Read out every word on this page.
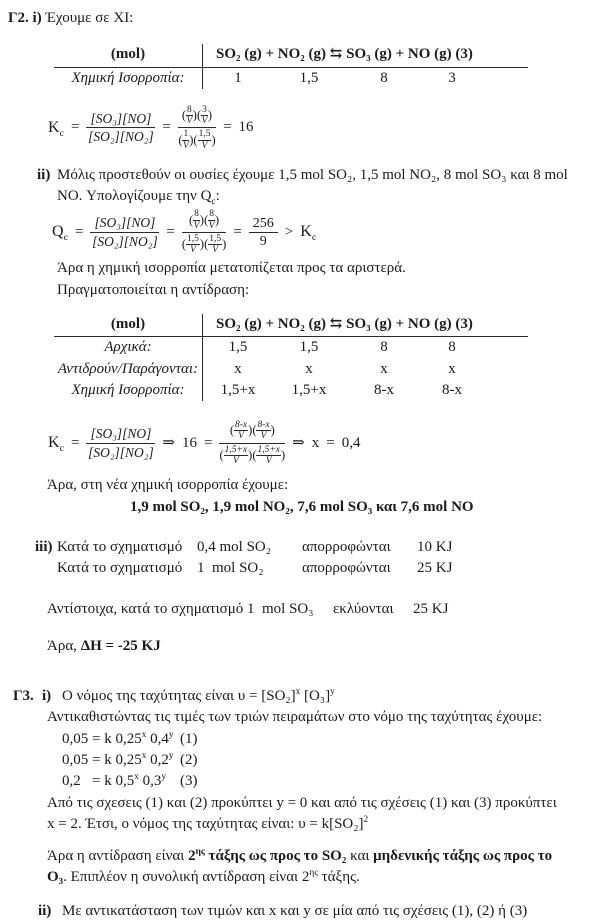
Γ2. i) Έχουμε σε ΧΙ:
(mol)	SO₂ (g) + NO₂ (g) ⇆ SO₃ (g) + NO (g) (3)
Χημική Ισορροπία:	1	1,5	8	3
$K_c = \frac{\text{[SO₃][NO]}}{\text{[SO₂][NO₂]}}$ = ( 8
V ) ( 3
V )
( 1
V ) ( 1,5
V ) = 16
ii) Μόλις προστεθούν οι ουσίες έχουμε 1,5 mol SO₂, 1,5 mol NO₂, 8 mol SO₃ και 8 mol
NO. Υπολογίζουμε την $Q_c$:
$Q_c = \frac{\text{[SO₃][NO]}}{\text{[SO₂][NO₂]}}$ = ( 8
V ) ( 8
V )
( 1,5
V ) ( 1,5
V ) = $\frac{256}{9} > K_c$
Άρα η χημική ισορροπία μετατοπίζεται προς τα αριστερά.
Πραγματοποιείται η αντίδραση:
(mol)	SO₂ (g) + NO₂ (g) ⇆ SO₃ (g) + NO (g) (3)
Αρχικά:	1,5	1,5	8	8
Αντιδρούν/Παράγονται:	x	x	x	x
Χημική Ισορροπία:	1,5+x	1,5+x	8-x	8-x
$K_c = \frac{\text{[SO₃][NO]}}{\text{[SO₂][NO₂]}}$ ⇒ 16 = ( 8-x
V ) ( 8-x
V )
( 1,5+x
V ) ( 1,5+x
V ) ⇒ x = 0,4
Άρα, στη νέα χημική ισορροπία έχουμε:
1,9 mol SO₂, 1,9 mol NO₂, 7,6 mol SO₃ και 7,6 mol NO
iii) Κατά το σχηματισμό 0,4 mol SO₂	απορροφώνται	10 KJ
Κατά το σχηματισμό 1  mol SO₂	απορροφώνται	25 KJ
Αντίστοιχα, κατά το σχηματισμό 1  mol SO₃	εκλύονται	25 KJ
Άρα, ΔΗ = -25 KJ
Γ3. i) Ο νόμος της ταχύτητας είναι $\upsilon = [SO_2]^x$ $[O_3]^y$
Αντικαθιστώντας τις τιμές των τριών πειραμάτων στο νόμο της ταχύτητας έχουμε:
0,05 = k 0,25$^x$ 0,4$^y$ (1)
0,05 = k 0,25$^x$ 0,2$^y$ (2)
0,2   = k 0,5$^x$ 0,3$^y$ (3)
Από τις σχεσεις (1) και (2) προκύπτει y = 0 και από τις σχέσεις (1) και (3) προκύπτει
x = 2. Έτσι, ο νόμος της ταχύτητας είναι: $\upsilon = k[SO_2]^2$
Άρα η αντίδραση είναι $2^{\eta\varsigma}$ τάξης ως προς το SO₂ και μηδενικής τάξης ως προς το Ο₃. Επιπλέον η συνολική αντίδραση είναι $2^{\eta\varsigma}$ τάξης.
ii) Με αντικατάσταση των τιμών και x και y σε μία από τις σχέσεις (1), (2) ή (3)
